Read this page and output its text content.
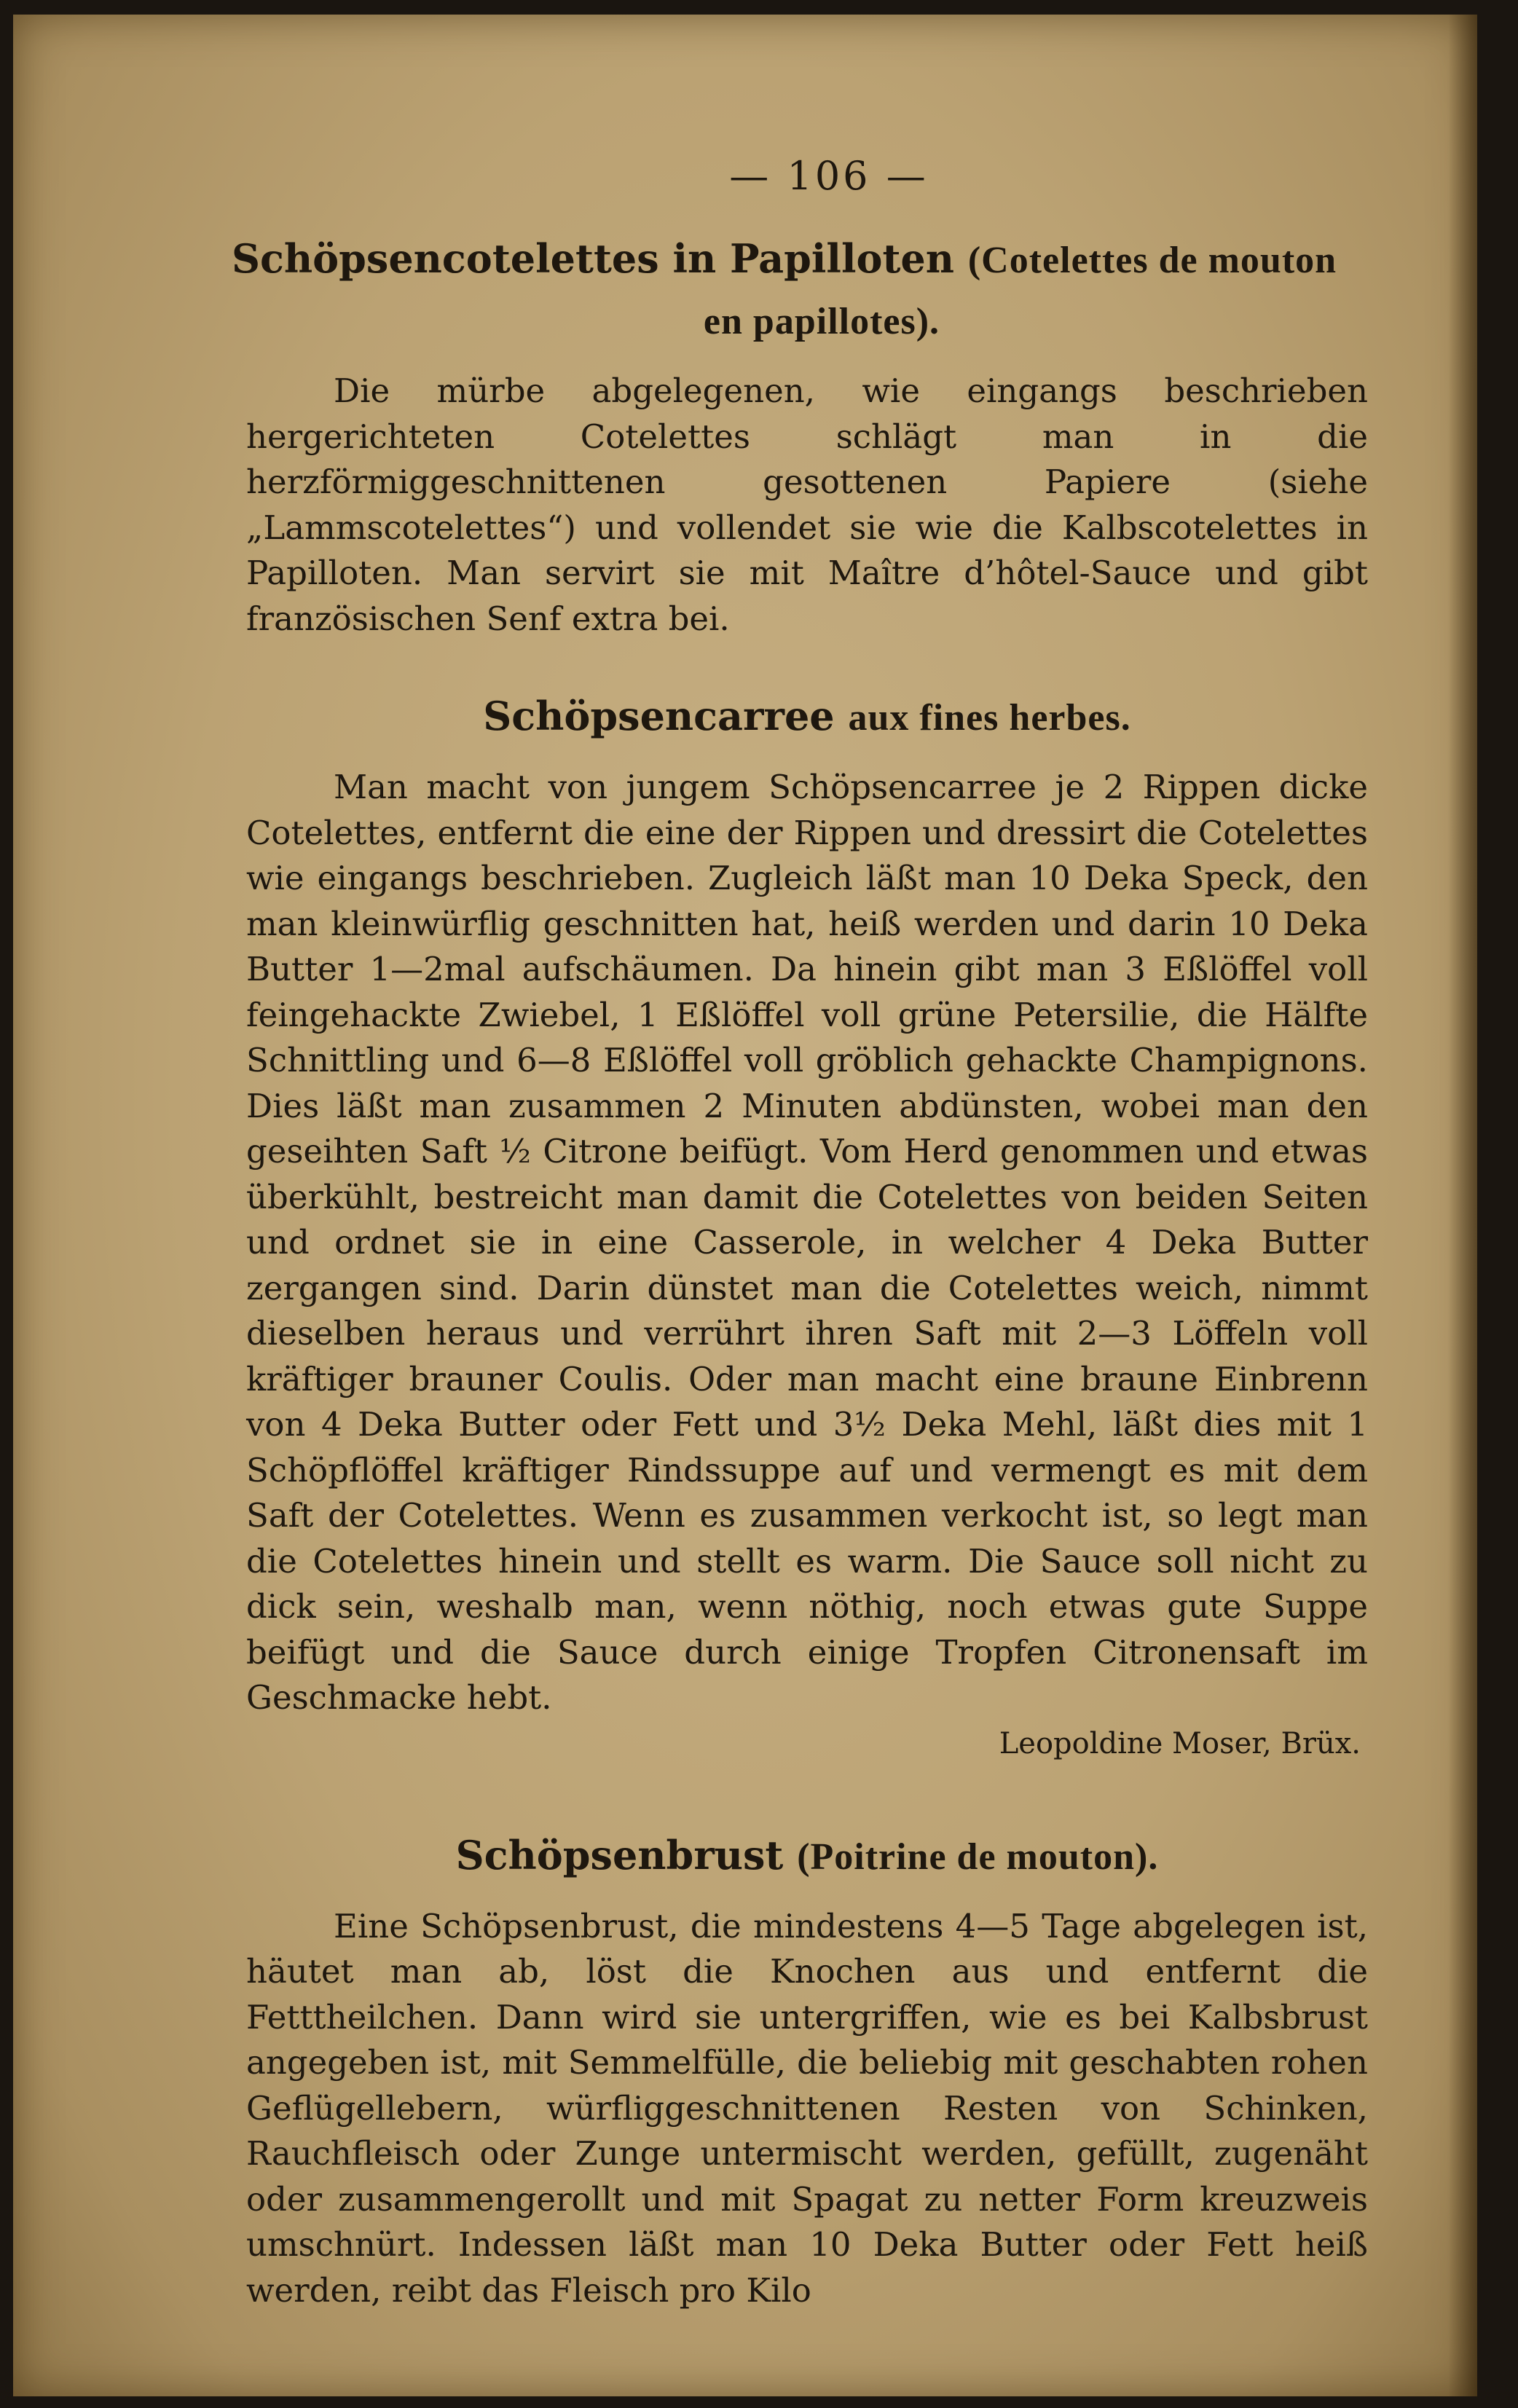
— 106 —
Schöpsencotelettes in Papilloten (Cotelettes de mouton
en papillotes).

Die mürbe abgelegenen, wie eingangs beschrieben hergerichteten Cotelettes schlägt man in die herzförmiggeschnittenen gesottenen Papiere (siehe „Lammscotelettes“) und vollendet sie wie die Kalbscotelettes in Papilloten. Man servirt sie mit Maître d’hôtel-Sauce und gibt französischen Senf extra bei.

Schöpsencarree aux fines herbes.

Man macht von jungem Schöpsencarree je 2 Rippen dicke Cotelettes, entfernt die eine der Rippen und dressirt die Cotelettes wie eingangs beschrieben. Zugleich läßt man 10 Deka Speck, den man kleinwürflig geschnitten hat, heiß werden und darin 10 Deka Butter 1—2mal aufschäumen. Da hinein gibt man 3 Eßlöffel voll feingehackte Zwiebel, 1 Eßlöffel voll grüne Petersilie, die Hälfte Schnittling und 6—8 Eßlöffel voll gröblich gehackte Champignons. Dies läßt man zusammen 2 Minuten abdünsten, wobei man den geseihten Saft ½ Citrone beifügt. Vom Herd genommen und etwas überkühlt, bestreicht man damit die Cotelettes von beiden Seiten und ordnet sie in eine Casserole, in welcher 4 Deka Butter zergangen sind. Darin dünstet man die Cotelettes weich, nimmt dieselben heraus und verrührt ihren Saft mit 2—3 Löffeln voll kräftiger brauner Coulis. Oder man macht eine braune Einbrenn von 4 Deka Butter oder Fett und 3½ Deka Mehl, läßt dies mit 1 Schöpflöffel kräftiger Rindssuppe auf und vermengt es mit dem Saft der Cotelettes. Wenn es zusammen verkocht ist, so legt man die Cotelettes hinein und stellt es warm. Die Sauce soll nicht zu dick sein, weshalb man, wenn nöthig, noch etwas gute Suppe beifügt und die Sauce durch einige Tropfen Citronensaft im Geschmacke hebt.

Leopoldine Moser, Brüx.

Schöpsenbrust (Poitrine de mouton).

Eine Schöpsenbrust, die mindestens 4—5 Tage abgelegen ist, häutet man ab, löst die Knochen aus und entfernt die Fetttheilchen. Dann wird sie untergriffen, wie es bei Kalbsbrust angegeben ist, mit Semmelfülle, die beliebig mit geschabten rohen Geflügellebern, würfliggeschnittenen Resten von Schinken, Rauchfleisch oder Zunge untermischt werden, gefüllt, zugenäht oder zusammengerollt und mit Spagat zu netter Form kreuzweis umschnürt. Indessen läßt man 10 Deka Butter oder Fett heiß werden, reibt das Fleisch pro Kilo
